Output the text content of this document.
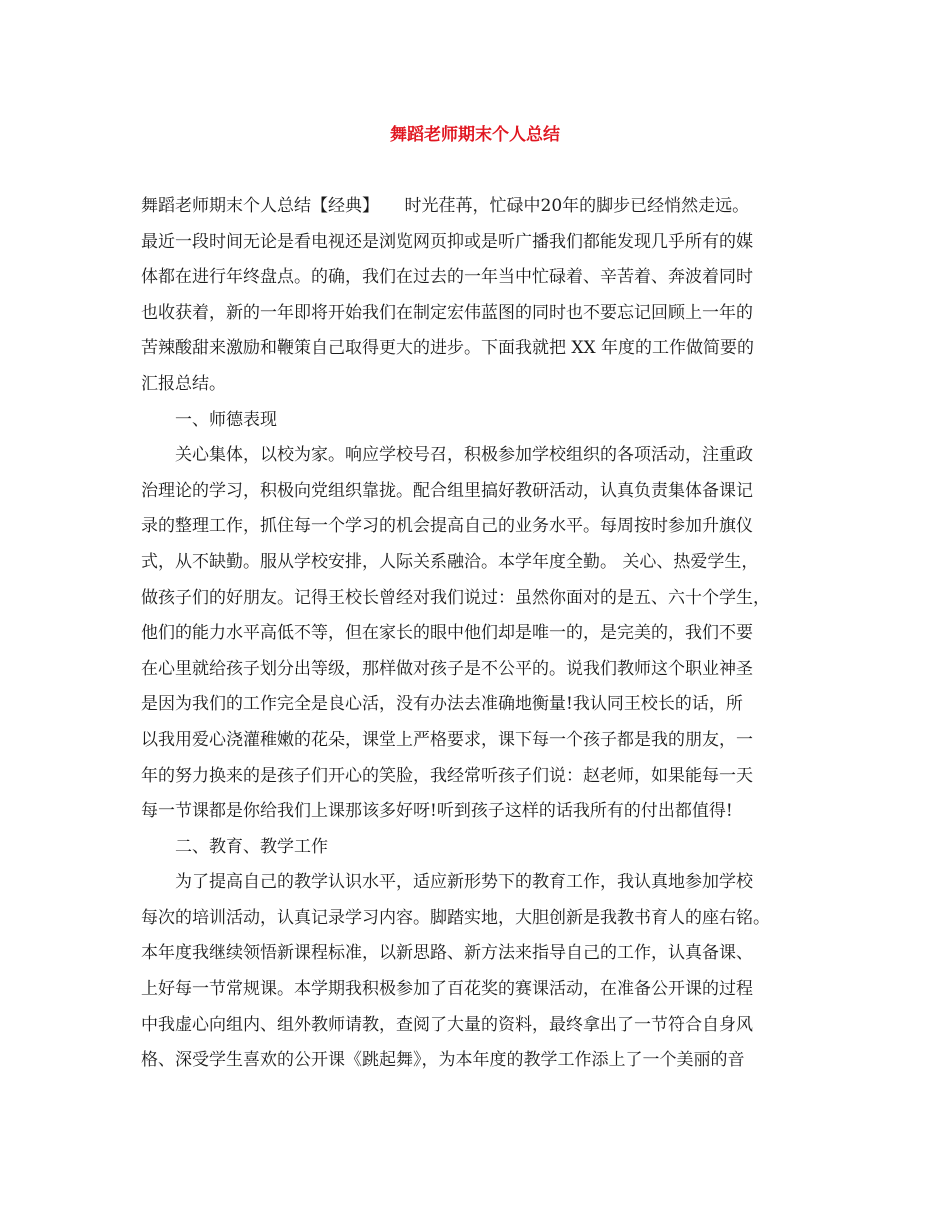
舞蹈老师期末个人总结
舞蹈老师期末个人总结【经典】　　时光荏苒，忙碌中20年的脚步已经悄然走远。
最近一段时间无论是看电视还是浏览网页抑或是听广播我们都能发现几乎所有的媒
体都在进行年终盘点。的确，我们在过去的一年当中忙碌着、辛苦着、奔波着同时
也收获着，新的一年即将开始我们在制定宏伟蓝图的同时也不要忘记回顾上一年的
苦辣酸甜来激励和鞭策自己取得更大的进步。下面我就把 XX 年度的工作做简要的
汇报总结。
一、师德表现
关心集体，以校为家。响应学校号召，积极参加学校组织的各项活动，注重政
治理论的学习，积极向党组织靠拢。配合组里搞好教研活动，认真负责集体备课记
录的整理工作，抓住每一个学习的机会提高自己的业务水平。每周按时参加升旗仪
式，从不缺勤。服从学校安排，人际关系融洽。本学年度全勤。 关心、热爱学生，
做孩子们的好朋友。记得王校长曾经对我们说过：虽然你面对的是五、六十个学生，
他们的能力水平高低不等，但在家长的眼中他们却是唯一的，是完美的，我们不要
在心里就给孩子划分出等级，那样做对孩子是不公平的。说我们教师这个职业神圣
是因为我们的工作完全是良心活，没有办法去准确地衡量!我认同王校长的话，所
以我用爱心浇灌稚嫩的花朵，课堂上严格要求，课下每一个孩子都是我的朋友，一
年的努力换来的是孩子们开心的笑脸，我经常听孩子们说：赵老师，如果能每一天
每一节课都是你给我们上课那该多好呀!听到孩子这样的话我所有的付出都值得!
二、教育、教学工作
为了提高自己的教学认识水平，适应新形势下的教育工作，我认真地参加学校
每次的培训活动，认真记录学习内容。脚踏实地，大胆创新是我教书育人的座右铭。
本年度我继续领悟新课程标准，以新思路、新方法来指导自己的工作，认真备课、
上好每一节常规课。本学期我积极参加了百花奖的赛课活动，在准备公开课的过程
中我虚心向组内、组外教师请教，查阅了大量的资料，最终拿出了一节符合自身风
格、深受学生喜欢的公开课《跳起舞》，为本年度的教学工作添上了一个美丽的音
